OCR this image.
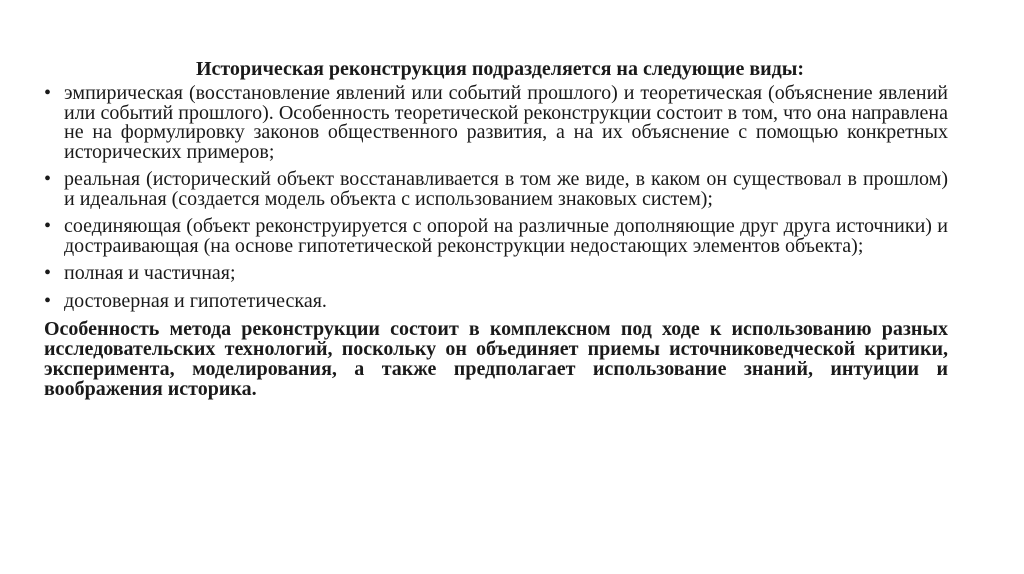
Историческая реконструкция подразделяется на следующие виды:

• эмпирическая (восстановление явлений или событий прошлого) и теоретическая (объяснение явлений или событий прошлого). Особенность теоретической реконструкции состоит в том, что она направлена не на формулировку законов общественного развития, а на их объяснение с помощью конкретных исторических примеров;
• реальная (исторический объект восстанавливается в том же виде, в каком он существовал в прошлом) и идеальная (создается модель объекта с использованием знаковых систем);
• соединяющая (объект реконструируется с опорой на различные дополняющие друг друга источники) и достраивающая (на основе гипотетической реконструкции недостающих элементов объекта);
• полная и частичная;
• достоверная и гипотетическая.

Особенность метода реконструкции состоит в комплексном под ходе к использованию разных исследовательских технологий, поскольку он объединяет приемы источниковедческой критики, эксперимента, моделирования, а также предполагает использование знаний, интуиции и воображения историка.
